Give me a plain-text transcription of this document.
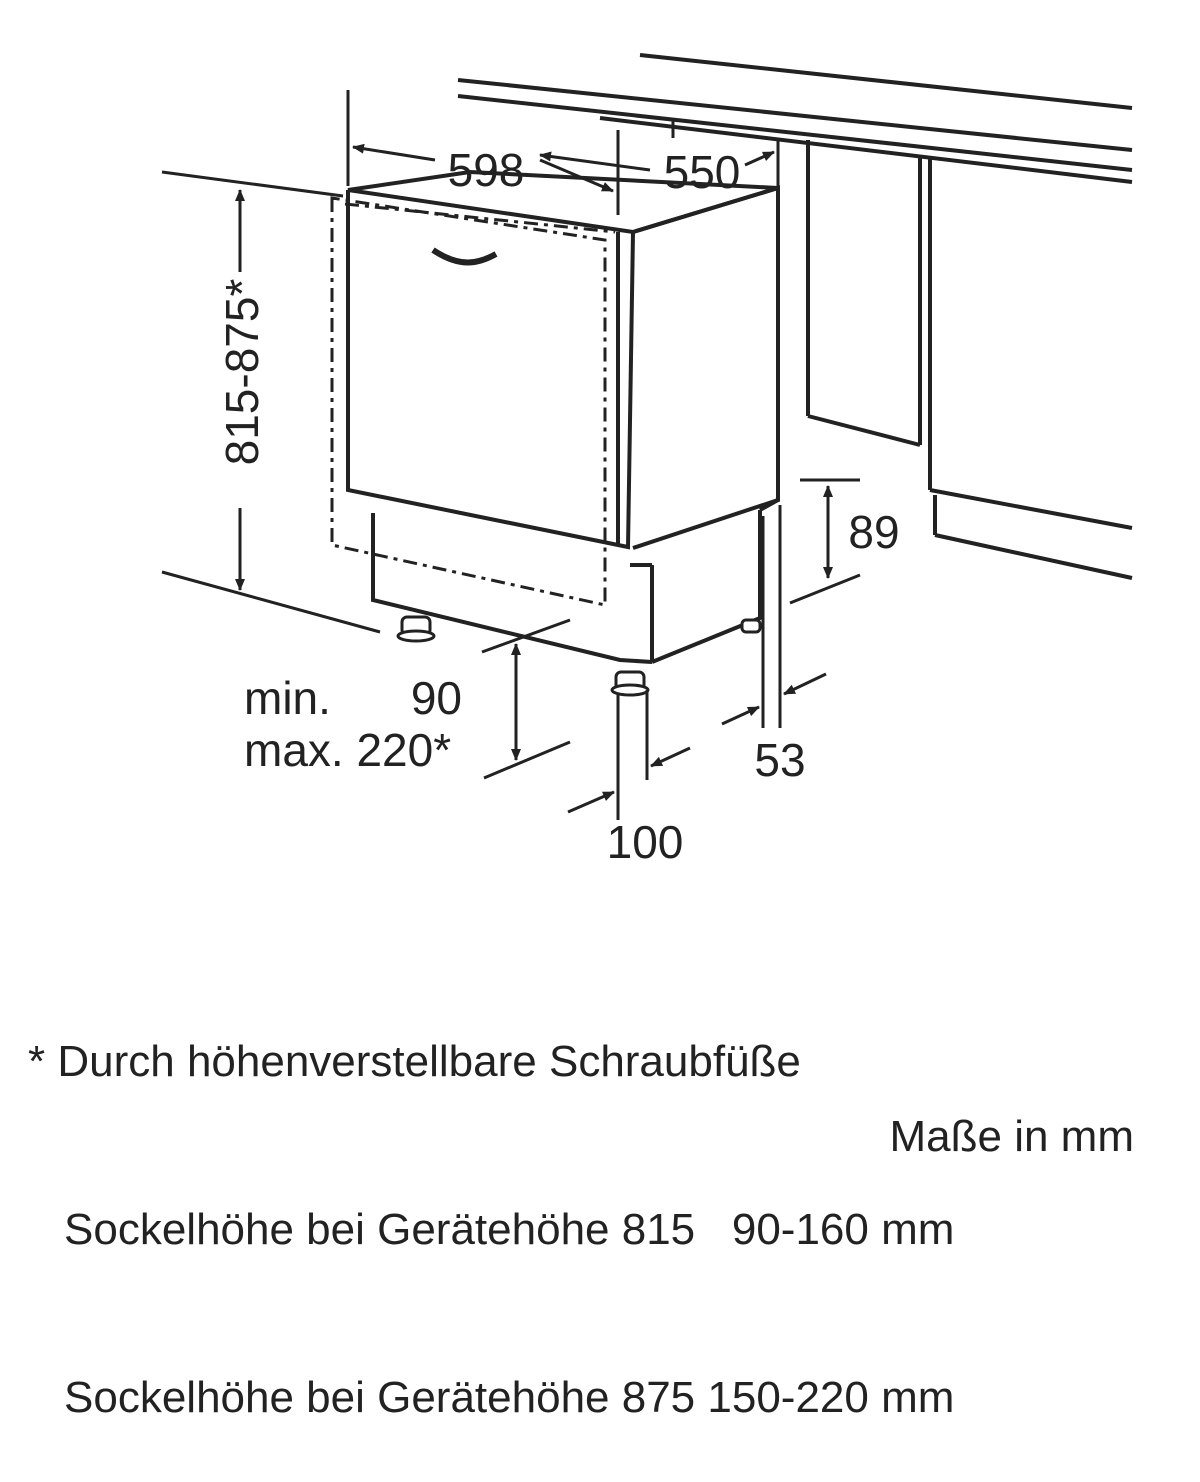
598	550
815-875*
89
min. 90
max. 220*	53
100

* Durch höhenverstellbare Schraubfüße

Sockelhöhe bei Gerätehöhe 815 90-160 mm

Sockelhöhe bei Gerätehöhe 875 150-220 mm

Maße in mm
